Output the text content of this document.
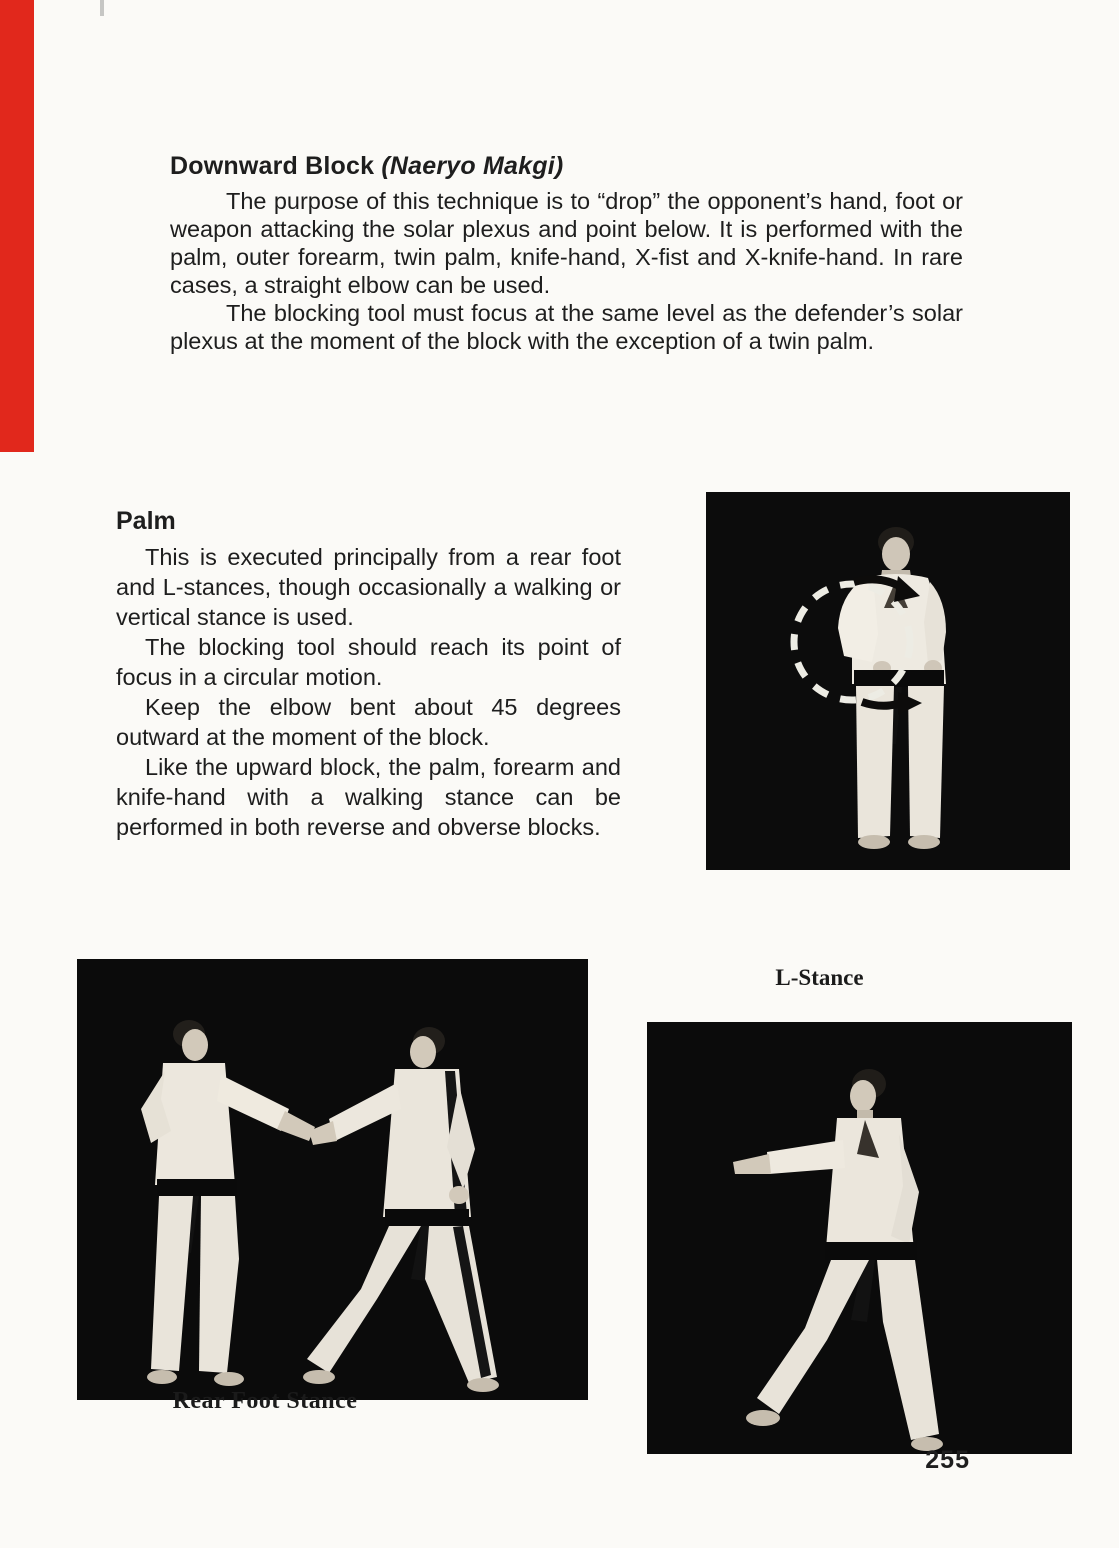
Downward Block (Naeryo Makgi)

The purpose of this technique is to “drop” the opponent’s hand, foot or weapon attacking the solar plexus and point below. It is performed with the palm, outer forearm, twin palm, knife-hand, X-fist and X-knife-hand. In rare cases, a straight elbow can be used.

The blocking tool must focus at the same level as the defender’s solar plexus at the moment of the block with the exception of a twin palm.

Palm

This is executed principally from a rear foot and L-stances, though occasionally a walking or vertical stance is used.

The blocking tool should reach its point of focus in a circular motion.

Keep the elbow bent about 45 degrees outward at the moment of the block.

Like the upward block, the palm, forearm and knife-hand with a walking stance can be performed in both reverse and obverse blocks.

Rear Foot Stance
L-Stance
255
